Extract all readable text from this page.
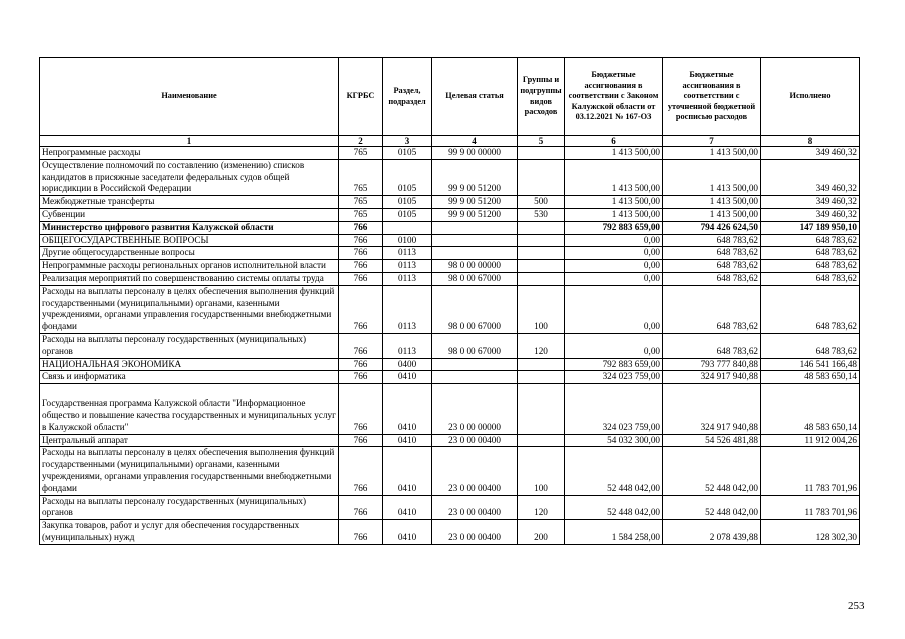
Наименование	КГРБС	Раздел, подраздел	Целевая статья	Группы и подгруппы видов расходов	Бюджетные ассигнования в соответствии с Законом Калужской области от 03.12.2021 № 167-ОЗ	Бюджетные ассигнования в соответствии с уточненной бюджетной росписью расходов	Исполнено
1	2	3	4	5	6	7	8
Непрограммные расходы	765	0105	99 9 00 00000		1 413 500,00	1 413 500,00	349 460,32
Осуществление полномочий по составлению (изменению) списков кандидатов в присяжные заседатели федеральных судов общей юрисдикции в Российской Федерации	765	0105	99 9 00 51200		1 413 500,00	1 413 500,00	349 460,32
Межбюджетные трансферты	765	0105	99 9 00 51200	500	1 413 500,00	1 413 500,00	349 460,32
Субвенции	765	0105	99 9 00 51200	530	1 413 500,00	1 413 500,00	349 460,32
Министерство цифрового развития Калужской области	766				792 883 659,00	794 426 624,50	147 189 950,10
ОБЩЕГОСУДАРСТВЕННЫЕ ВОПРОСЫ	766	0100			0,00	648 783,62	648 783,62
Другие общегосударственные вопросы	766	0113			0,00	648 783,62	648 783,62
Непрограммные расходы региональных органов исполнительной власти	766	0113	98 0 00 00000		0,00	648 783,62	648 783,62
Реализация мероприятий по совершенствованию системы оплаты труда	766	0113	98 0 00 67000		0,00	648 783,62	648 783,62
Расходы на выплаты персоналу в целях обеспечения выполнения функций государственными (муниципальными) органами, казенными учреждениями, органами управления государственными внебюджетными фондами	766	0113	98 0 00 67000	100	0,00	648 783,62	648 783,62
Расходы на выплаты персоналу государственных (муниципальных) органов	766	0113	98 0 00 67000	120	0,00	648 783,62	648 783,62
НАЦИОНАЛЬНАЯ ЭКОНОМИКА	766	0400			792 883 659,00	793 777 840,88	146 541 166,48
Связь и информатика	766	0410			324 023 759,00	324 917 940,88	48 583 650,14
Государственная программа Калужской области "Информационное общество и повышение качества государственных и муниципальных услуг в Калужской области"	766	0410	23 0 00 00000		324 023 759,00	324 917 940,88	48 583 650,14
Центральный аппарат	766	0410	23 0 00 00400		54 032 300,00	54 526 481,88	11 912 004,26
Расходы на выплаты персоналу в целях обеспечения выполнения функций государственными (муниципальными) органами, казенными учреждениями, органами управления государственными внебюджетными фондами	766	0410	23 0 00 00400	100	52 448 042,00	52 448 042,00	11 783 701,96
Расходы на выплаты персоналу государственных (муниципальных) органов	766	0410	23 0 00 00400	120	52 448 042,00	52 448 042,00	11 783 701,96
Закупка товаров, работ и услуг для обеспечения государственных (муниципальных) нужд	766	0410	23 0 00 00400	200	1 584 258,00	2 078 439,88	128 302,30
253
